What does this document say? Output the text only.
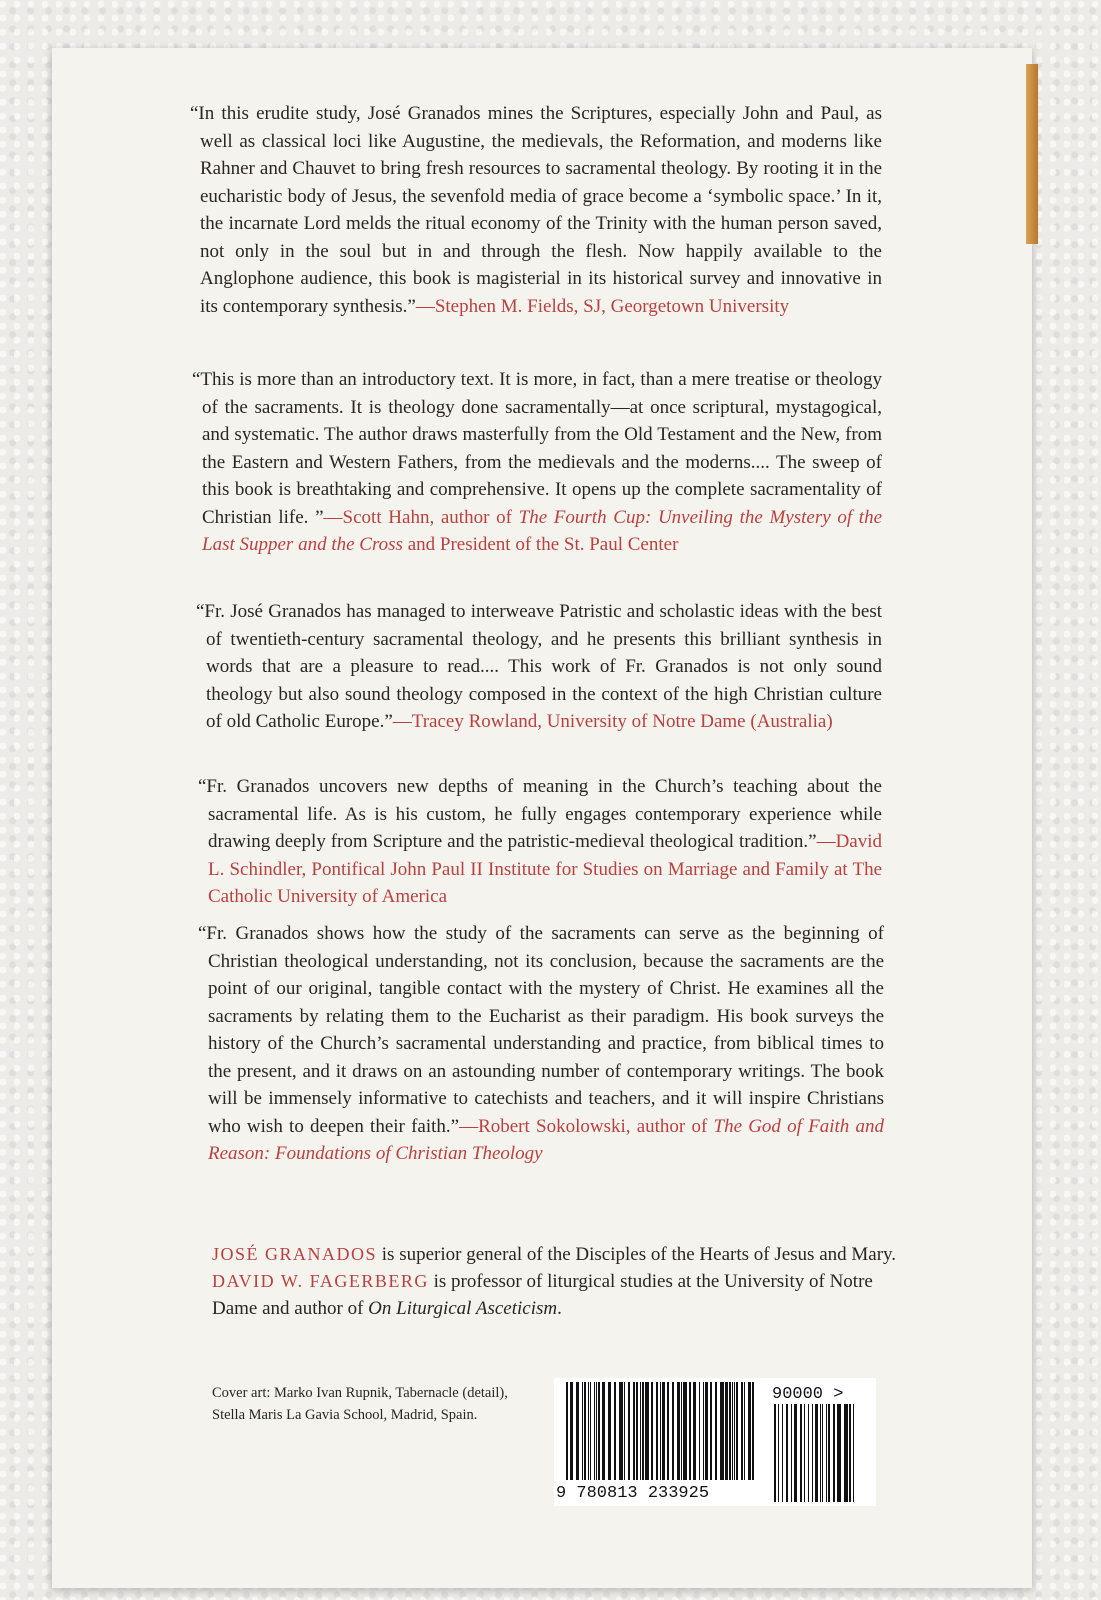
“In this erudite study, José Granados mines the Scriptures, especially John and Paul, as well as classical loci like Augustine, the medievals, the Reformation, and moderns like Rahner and Chauvet to bring fresh resources to sacramental theology. By rooting it in the eucharistic body of Jesus, the sevenfold media of grace become a ‘symbolic space.’ In it, the incarnate Lord melds the ritual economy of the Trinity with the human person saved, not only in the soul but in and through the flesh. Now happily available to the Anglophone audience, this book is magisterial in its historical survey and innovative in its contemporary synthesis.”—Stephen M. Fields, SJ, Georgetown University
“This is more than an introductory text. It is more, in fact, than a mere treatise or theology of the sacraments. It is theology done sacramentally—at once scriptural, mystagogical, and systematic. The author draws masterfully from the Old Testament and the New, from the Eastern and Western Fathers, from the medievals and the moderns.... The sweep of this book is breathtaking and comprehensive. It opens up the complete sacramentality of Christian life. ”—Scott Hahn, author of The Fourth Cup: Unveiling the Mystery of the Last Supper and the Cross and President of the St. Paul Center
“Fr. José Granados has managed to interweave Patristic and scholastic ideas with the best of twentieth-century sacramental theology, and he presents this brilliant synthesis in words that are a pleasure to read.... This work of Fr. Granados is not only sound theology but also sound theology composed in the context of the high Christian culture of old Catholic Europe.”—Tracey Rowland, University of Notre Dame (Australia)
“Fr. Granados uncovers new depths of meaning in the Church’s teaching about the sacramental life. As is his custom, he fully engages contemporary experience while drawing deeply from Scripture and the patristic-medieval theological tradition.”—David L. Schindler, Pontifical John Paul II Institute for Studies on Marriage and Family at The Catholic University of America
“Fr. Granados shows how the study of the sacraments can serve as the beginning of Christian theological understanding, not its conclusion, because the sacraments are the point of our original, tangible contact with the mystery of Christ. He examines all the sacraments by relating them to the Eucharist as their paradigm. His book surveys the history of the Church’s sacramental understanding and practice, from biblical times to the present, and it draws on an astounding number of contemporary writings. The book will be immensely informative to catechists and teachers, and it will inspire Christians who wish to deepen their faith.”—Robert Sokolowski, author of The God of Faith and Reason: Foundations of Christian Theology
JOSÉ GRANADOS is superior general of the Disciples of the Hearts of Jesus and Mary. DAVID W. FAGERBERG is professor of liturgical studies at the University of Notre Dame and author of On Liturgical Asceticism.
Cover art: Marko Ivan Rupnik, Tabernacle (detail), Stella Maris La Gavia School, Madrid, Spain.
9 780813 233925
90000 >
